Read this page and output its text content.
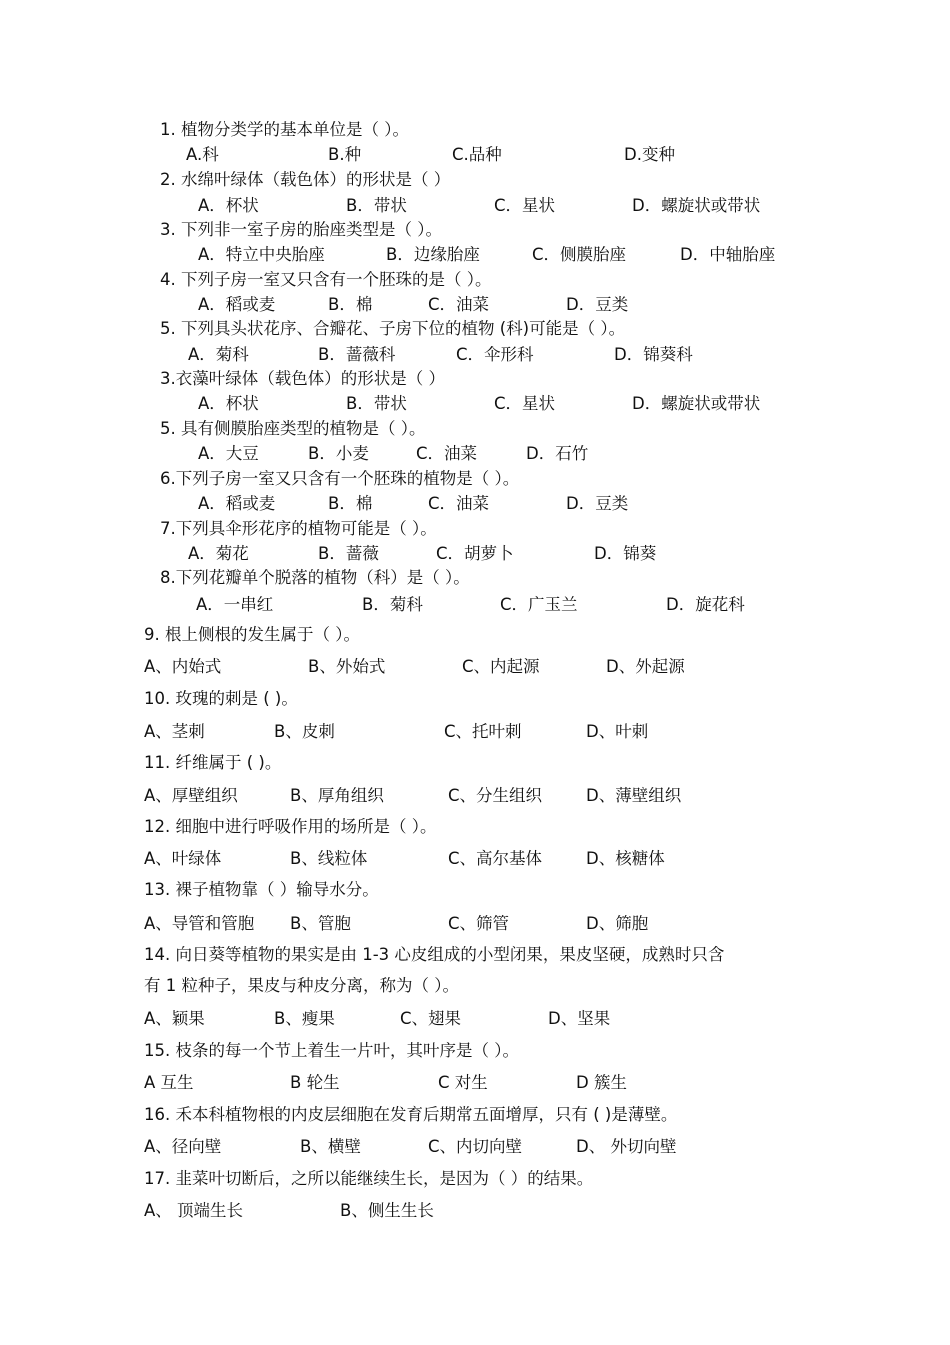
1. 植物分类学的基本单位是（ ）。
A.科	B.种	C.品种	D.变种
2. 水绵叶绿体（载色体）的形状是（ ）
A．杯状	B．带状	C．星状	D．螺旋状或带状
3. 下列非一室子房的胎座类型是（ ）。
A．特立中央胎座	B．边缘胎座	C．侧膜胎座	D．中轴胎座
4. 下列子房一室又只含有一个胚珠的是（ ）。
A．稻或麦	B．棉	C．油菜	D．豆类
5. 下列具头状花序、合瓣花、子房下位的植物 (科)可能是（ ）。
A．菊科	B．蔷薇科	C．伞形科	D．锦葵科
3.衣藻叶绿体（载色体）的形状是（ ）
A．杯状	B．带状	C．星状	D．螺旋状或带状
5. 具有侧膜胎座类型的植物是（ ）。
A．大豆	B．小麦	C．油菜	D．石竹
6.下列子房一室又只含有一个胚珠的植物是（ ）。
A．稻或麦	B．棉	C．油菜	D．豆类
7.下列具伞形花序的植物可能是（ ）。
A．菊花	B．蔷薇	C．胡萝卜	D．锦葵
8.下列花瓣单个脱落的植物（科）是（ ）。
A．一串红	B．菊科	C．广玉兰	D．旋花科
9. 根上侧根的发生属于（ ）。
A、内始式	B、外始式	C、内起源	D、外起源
10. 玫瑰的刺是 ( )。
A、茎刺	B、皮刺	C、托叶刺	D、叶刺
11. 纤维属于 ( )。
A、厚壁组织	B、厚角组织	C、分生组织	D、薄壁组织
12. 细胞中进行呼吸作用的场所是（ ）。
A、叶绿体	B、线粒体	C、高尔基体	D、核糖体
13. 裸子植物靠（ ）输导水分。
A、导管和管胞 B、管胞	C、筛管	D、筛胞
14. 向日葵等植物的果实是由 1-3 心皮组成的小型闭果，果皮坚硬，成熟时只含
有 1 粒种子，果皮与种皮分离，称为（ ）。
A、颖果	B、瘦果	C、翅果	D、坚果
15. 枝条的每一个节上着生一片叶，其叶序是（ ）。
A 互生	B 轮生	C 对生	D 簇生
16. 禾本科植物根的内皮层细胞在发育后期常五面增厚，只有 ( )是薄壁。
A、径向壁	B、横壁	C、内切向壁	D、 外切向壁
17. 韭菜叶切断后，之所以能继续生长，是因为（ ）的结果。
A、 顶端生长	B、侧生生长
